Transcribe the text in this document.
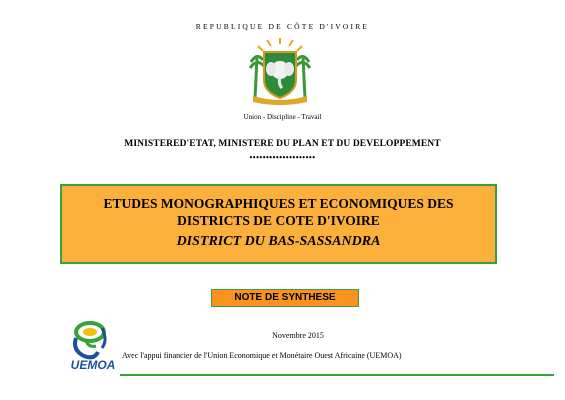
REPUBLIQUE DE CÔTE D'IVOIRE
Union - Discipline - Travail
MINISTERED'ETAT, MINISTERE DU PLAN ET DU DEVELOPPEMENT
••••••••••••••••••••
ETUDES MONOGRAPHIQUES ET ECONOMIQUES DES DISTRICTS DE COTE D'IVOIRE
DISTRICT DU BAS-SASSANDRA
NOTE DE SYNTHESE
UEMOA
Novembre 2015
Avec l'appui financier de l'Union Economique et Monétaire Ouest Africaine (UEMOA)
